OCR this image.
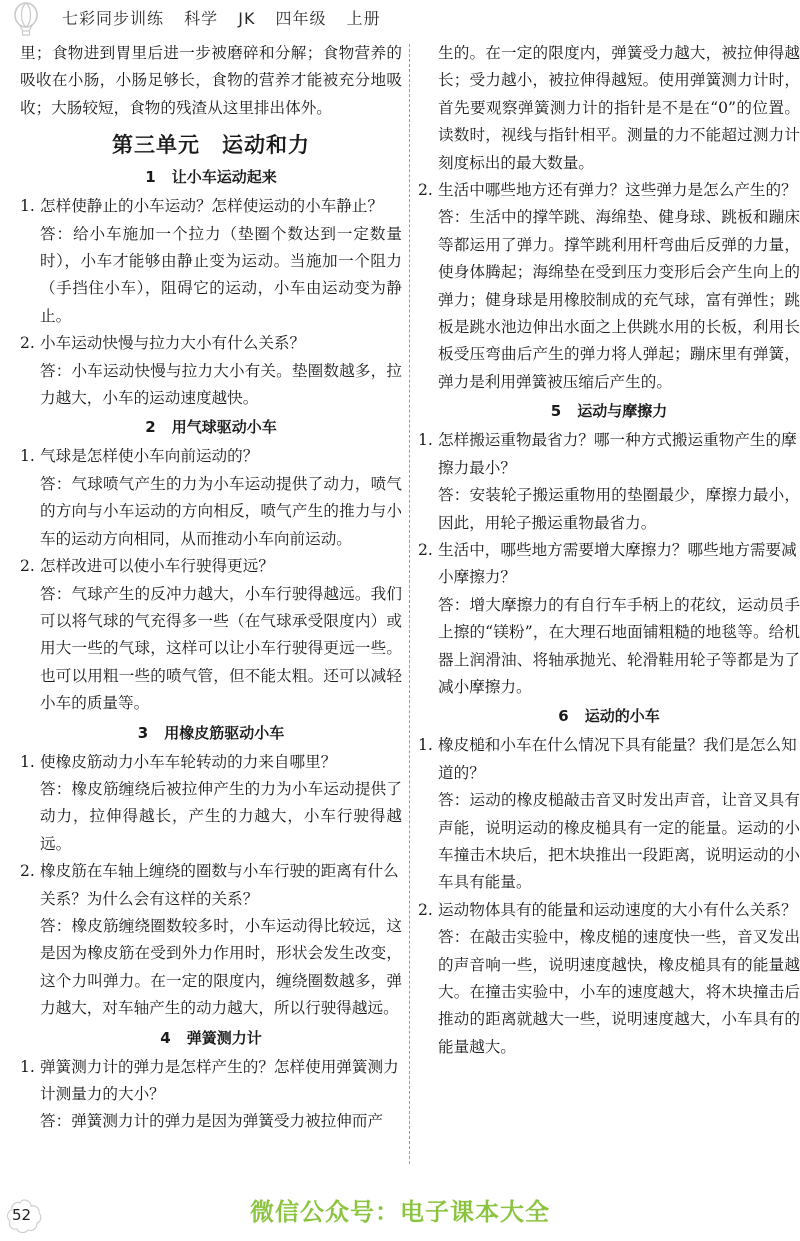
七彩同步训练 科学 JK 四年级 上册
里；食物进到胃里后进一步被磨碎和分解；食物营养的吸收在小肠，小肠足够长，食物的营养才能被充分地吸收；大肠较短，食物的残渣从这里排出体外。
第三单元　运动和力
1 让小车运动起来
1. 怎样使静止的小车运动？怎样使运动的小车静止？
答：给小车施加一个拉力（垫圈个数达到一定数量时），小车才能够由静止变为运动。当施加一个阻力（手挡住小车），阻碍它的运动，小车由运动变为静止。
2. 小车运动快慢与拉力大小有什么关系？
答：小车运动快慢与拉力大小有关。垫圈数越多，拉力越大，小车的运动速度越快。
2 用气球驱动小车
1. 气球是怎样使小车向前运动的？
答：气球喷气产生的力为小车运动提供了动力，喷气的方向与小车运动的方向相反，喷气产生的推力与小车的运动方向相同，从而推动小车向前运动。
2. 怎样改进可以使小车行驶得更远？
答：气球产生的反冲力越大，小车行驶得越远。我们可以将气球的气充得多一些（在气球承受限度内）或用大一些的气球，这样可以让小车行驶得更远一些。也可以用粗一些的喷气管，但不能太粗。还可以减轻小车的质量等。
3 用橡皮筋驱动小车
1. 使橡皮筋动力小车车轮转动的力来自哪里？
答：橡皮筋缠绕后被拉伸产生的力为小车运动提供了动力，拉伸得越长，产生的力越大，小车行驶得越远。
2. 橡皮筋在车轴上缠绕的圈数与小车行驶的距离有什么关系？为什么会有这样的关系？
答：橡皮筋缠绕圈数较多时，小车运动得比较远，这是因为橡皮筋在受到外力作用时，形状会发生改变，这个力叫弹力。在一定的限度内，缠绕圈数越多，弹力越大，对车轴产生的动力越大，所以行驶得越远。
4 弹簧测力计
1. 弹簧测力计的弹力是怎样产生的？怎样使用弹簧测力计测量力的大小？
答：弹簧测力计的弹力是因为弹簧受力被拉伸而产
生的。在一定的限度内，弹簧受力越大，被拉伸得越长；受力越小，被拉伸得越短。使用弹簧测力计时，首先要观察弹簧测力计的指针是不是在“0”的位置。读数时，视线与指针相平。测量的力不能超过测力计刻度标出的最大数量。
2. 生活中哪些地方还有弹力？这些弹力是怎么产生的？
答：生活中的撑竿跳、海绵垫、健身球、跳板和蹦床等都运用了弹力。撑竿跳利用杆弯曲后反弹的力量，使身体腾起；海绵垫在受到压力变形后会产生向上的弹力；健身球是用橡胶制成的充气球，富有弹性；跳板是跳水池边伸出水面之上供跳水用的长板，利用长板受压弯曲后产生的弹力将人弹起；蹦床里有弹簧，弹力是利用弹簧被压缩后产生的。
5 运动与摩擦力
1. 怎样搬运重物最省力？哪一种方式搬运重物产生的摩擦力最小？
答：安装轮子搬运重物用的垫圈最少，摩擦力最小，因此，用轮子搬运重物最省力。
2. 生活中，哪些地方需要增大摩擦力？哪些地方需要减小摩擦力？
答：增大摩擦力的有自行车手柄上的花纹，运动员手上擦的“镁粉”，在大理石地面铺粗糙的地毯等。给机器上润滑油、将轴承抛光、轮滑鞋用轮子等都是为了减小摩擦力。
6 运动的小车
1. 橡皮槌和小车在什么情况下具有能量？我们是怎么知道的？
答：运动的橡皮槌敲击音叉时发出声音，让音叉具有声能，说明运动的橡皮槌具有一定的能量。运动的小车撞击木块后，把木块推出一段距离，说明运动的小车具有能量。
2. 运动物体具有的能量和运动速度的大小有什么关系？
答：在敲击实验中，橡皮槌的速度快一些，音叉发出的声音响一些，说明速度越快，橡皮槌具有的能量越大。在撞击实验中，小车的速度越大，将木块撞击后推动的距离就越大一些，说明速度越大，小车具有的能量越大。
52	微信公众号：电子课本大全
